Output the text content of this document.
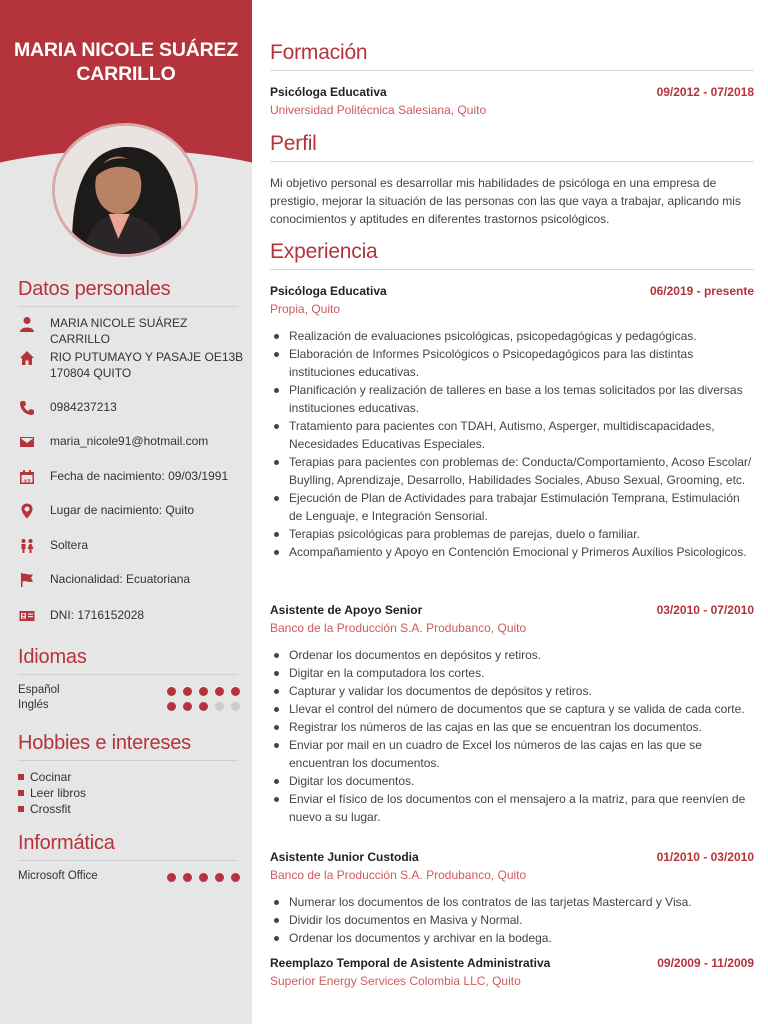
MARIA NICOLE SUÁREZ
CARRILLO
Datos personales
MARIA NICOLE SUÁREZ CARRILLO
RIO PUTUMAYO Y PASAJE OE13B
170804 QUITO
0984237213
maria_nicole91@hotmail.com
27	Fecha de nacimiento: 09/03/1991
Lugar de nacimiento: Quito
Soltera
Nacionalidad: Ecuatoriana
DNI: 1716152028
Idiomas
Español
Inglés
Hobbies e intereses
Cocinar
Leer libros
Crossfit
Informática
Microsoft Office
Formación
Psicóloga Educativa	09/2012 - 07/2018
Universidad Politécnica Salesiana, Quito
Perfil
Mi objetivo personal es desarrollar mis habilidades de psicóloga en una empresa de prestigio, mejorar la situación de las personas con las que vaya a trabajar, aplicando mis conocimientos y aptitudes en diferentes trastornos psicológicos.
Experiencia
Psicóloga Educativa	06/2019 - presente
Propia, Quito
Realización de evaluaciones psicológicas, psicopedagógicas y pedagógicas.
Elaboración de Informes Psicológicos o Psicopedagógicos para las distintas instituciones educativas.
Planificación y realización de talleres en base a los temas solicitados por las diversas instituciones educativas.
Tratamiento para pacientes con TDAH, Autismo, Asperger, multidiscapacidades, Necesidades Educativas Especiales.
Terapias para pacientes con problemas de: Conducta/Comportamiento, Acoso Escolar/ Buylling, Aprendizaje, Desarrollo, Habilidades Sociales, Abuso Sexual, Grooming, etc.
Ejecución de Plan de Actividades para trabajar Estimulación Temprana, Estimulación de Lenguaje, e Integración Sensorial.
Terapias psicológicas para problemas de parejas, duelo o familiar.
Acompañamiento y Apoyo en Contención Emocional y Primeros Auxilios Psicologicos.
Asistente de Apoyo Senior	03/2010 - 07/2010
Banco de la Producción S.A. Produbanco, Quito
Ordenar los documentos en depósitos y retiros.
Digitar en la computadora los cortes.
Capturar y validar los documentos de depósitos y retiros.
Llevar el control del número de documentos que se captura y se valida de cada corte.
Registrar los números de las cajas en las que se encuentran los documentos.
Enviar por mail en un cuadro de Excel los números de las cajas en las que se encuentran los documentos.
Digitar los documentos.
Enviar el físico de los documentos con el mensajero a la matriz, para que reenvíen de nuevo a su lugar.
Asistente Junior Custodia	01/2010 - 03/2010
Banco de la Producción S.A. Produbanco, Quito
Numerar los documentos de los contratos de las tarjetas Mastercard y Visa.
Dividir los documentos en Masiva y Normal.
Ordenar los documentos y archivar en la bodega.
Reemplazo Temporal de Asistente Administrativa	09/2009 - 11/2009
Superior Energy Services Colombia LLC, Quito
